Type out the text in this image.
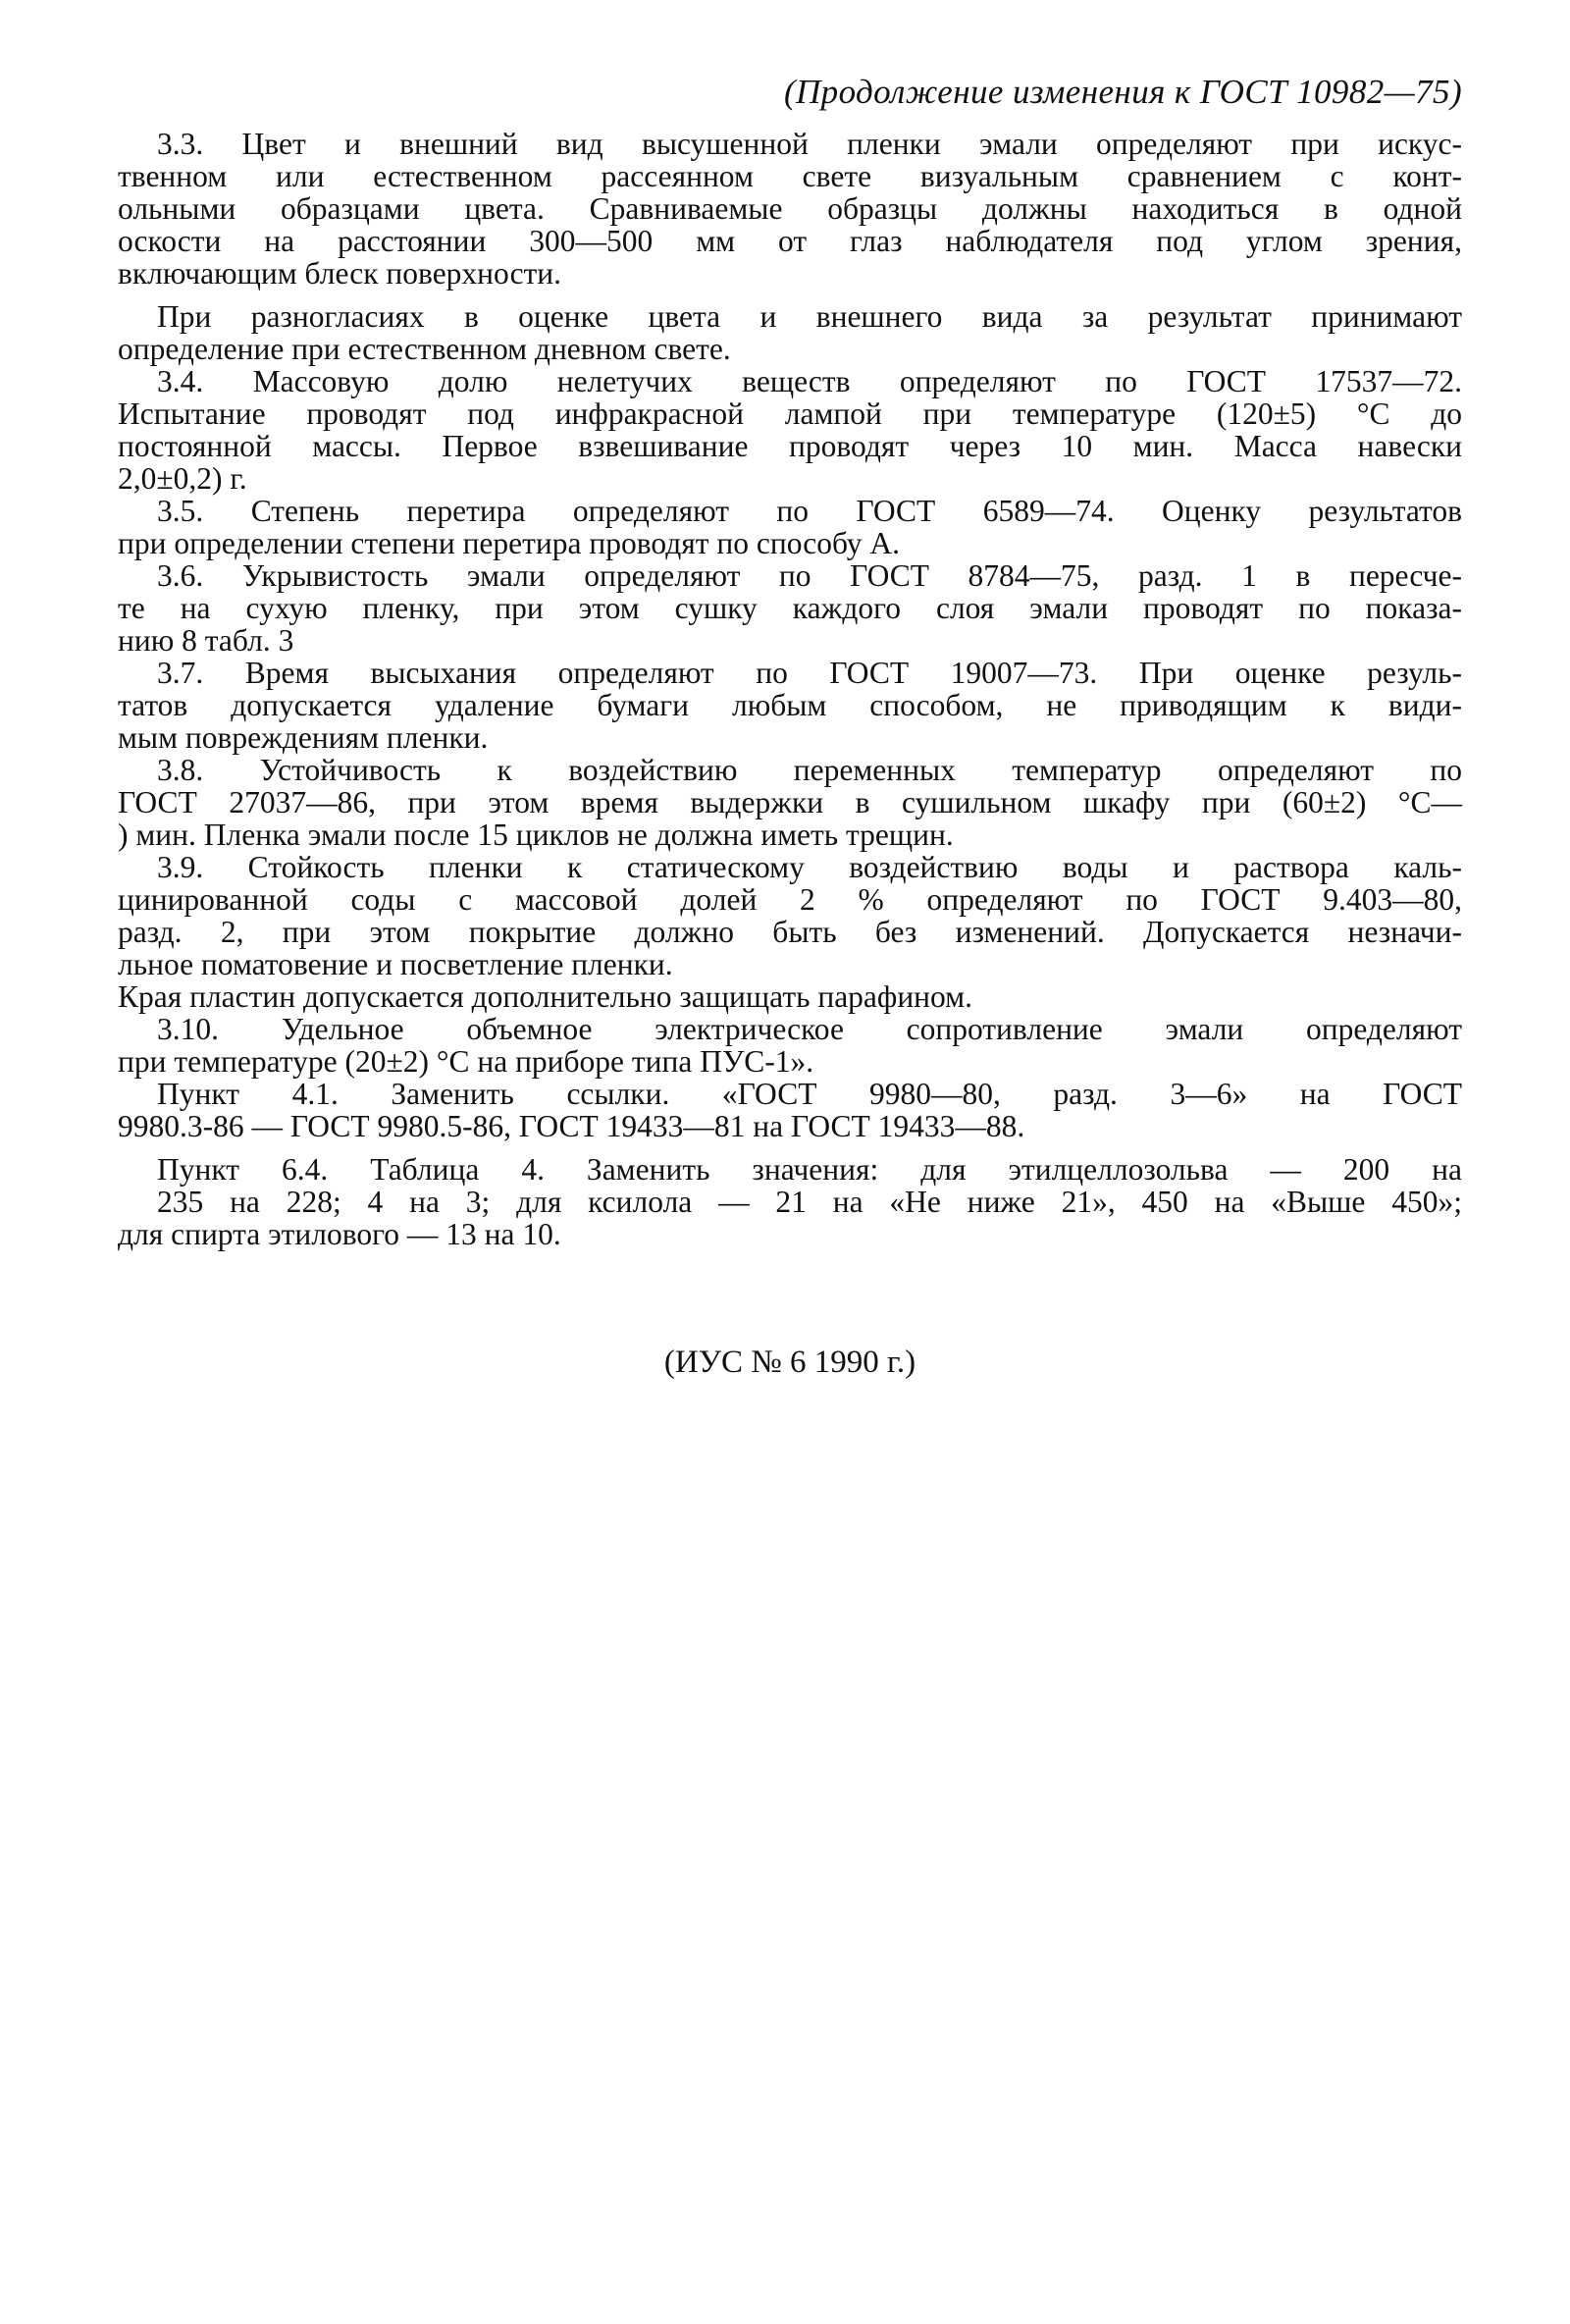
(Продолжение изменения к ГОСТ 10982—75)
3.3. Цвет и внешний вид высушенной пленки эмали определяют при искус-
твенном или естественном рассеянном свете визуальным сравнением с конт-
ольными образцами цвета. Сравниваемые образцы должны находиться в одной
оскости на расстоянии 300—500 мм от глаз наблюдателя под углом зрения,
включающим блеск поверхности.
При разногласиях в оценке цвета и внешнего вида за результат принимают
определение при естественном дневном свете.
3.4. Массовую долю нелетучих веществ определяют по ГОСТ 17537—72.
Испытание проводят под инфракрасной лампой при температуре (120±5) °С до
постоянной массы. Первое взвешивание проводят через 10 мин. Масса навески
2,0±0,2) г.
3.5. Степень перетира определяют по ГОСТ 6589—74. Оценку результатов
при определении степени перетира проводят по способу А.
3.6. Укрывистость эмали определяют по ГОСТ 8784—75, разд. 1 в пересче-
те на сухую пленку, при этом сушку каждого слоя эмали проводят по показа-
нию 8 табл. 3
3.7. Время высыхания определяют по ГОСТ 19007—73. При оценке резуль-
татов допускается удаление бумаги любым способом, не приводящим к види-
мым повреждениям пленки.
3.8. Устойчивость к воздействию переменных температур определяют по
ГОСТ 27037—86, при этом время выдержки в сушильном шкафу при (60±2) °С—
) мин. Пленка эмали после 15 циклов не должна иметь трещин.
3.9. Стойкость пленки к статическому воздействию воды и раствора каль-
цинированной соды с массовой долей 2 % определяют по ГОСТ 9.403—80,
разд. 2, при этом покрытие должно быть без изменений. Допускается незначи-
льное поматовение и посветление пленки.
Края пластин допускается дополнительно защищать парафином.
3.10. Удельное объемное электрическое сопротивление эмали определяют
при температуре (20±2) °С на приборе типа ПУС-1».
Пункт 4.1. Заменить ссылки. «ГОСТ 9980—80, разд. 3—6» на ГОСТ
9980.3-86 — ГОСТ 9980.5-86, ГОСТ 19433—81 на ГОСТ 19433—88.
Пункт 6.4. Таблица 4. Заменить значения: для этилцеллозольва — 200 на
235 на 228; 4 на 3; для ксилола — 21 на «Не ниже 21», 450 на «Выше 450»;
для спирта этилового — 13 на 10.
(ИУС № 6 1990 г.)
